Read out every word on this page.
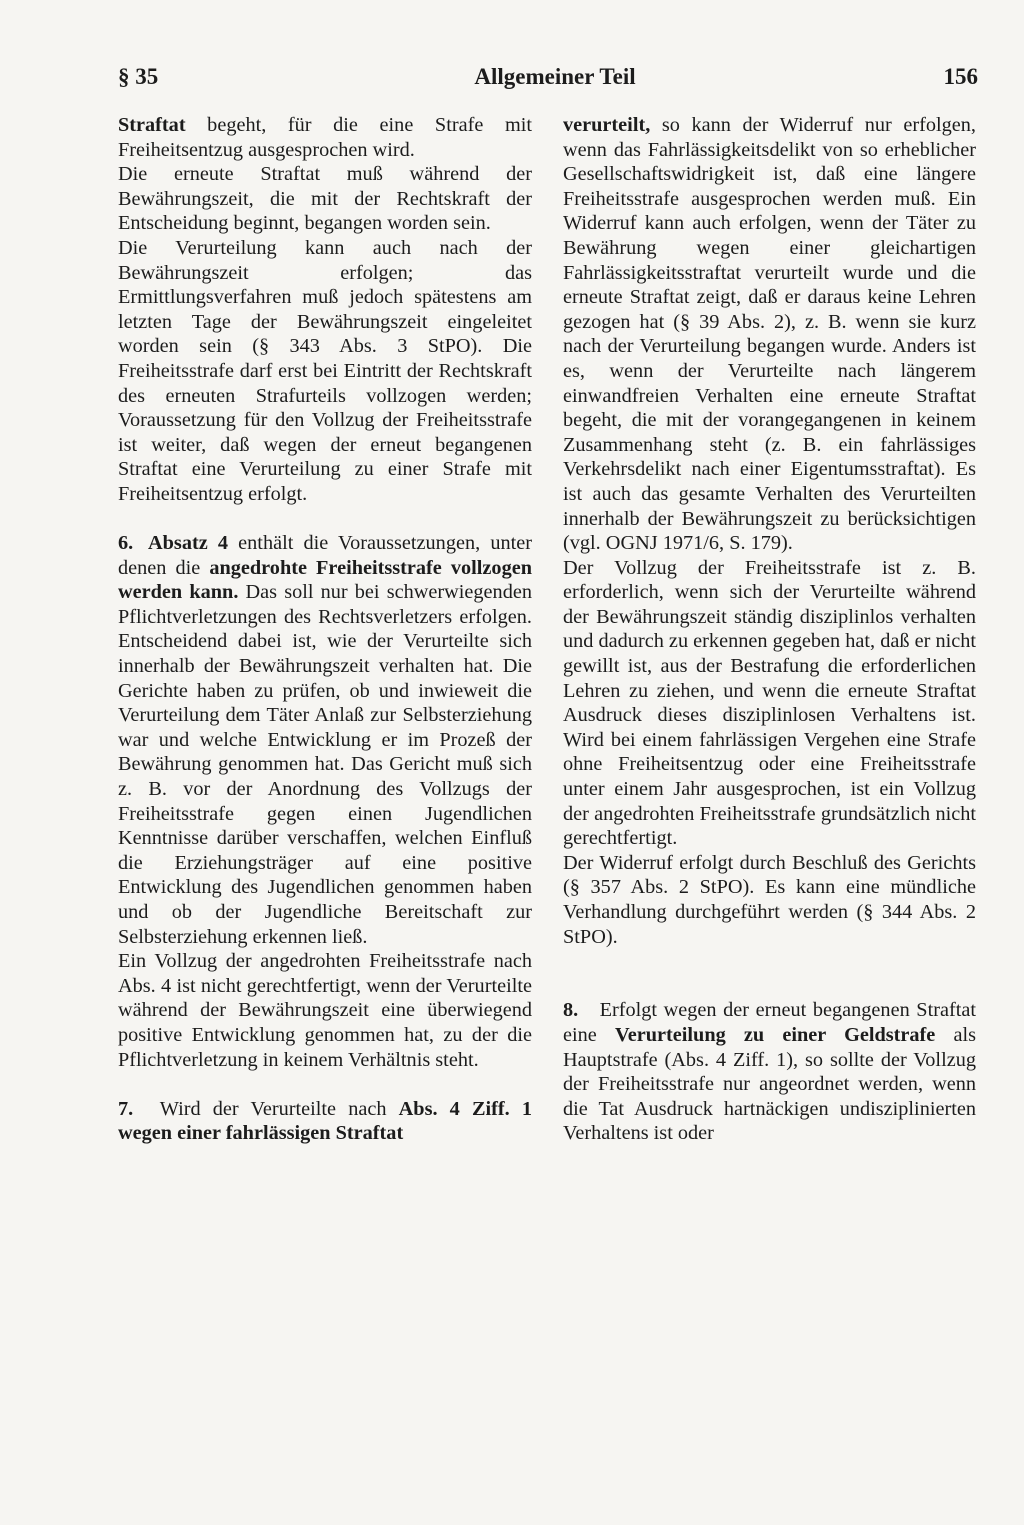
§ 35	Allgemeiner Teil	156

Straftat begeht, für die eine Strafe mit Freiheitsentzug ausgesprochen wird.

Die erneute Straftat muß während der Bewährungszeit, die mit der Rechtskraft der Entscheidung beginnt, begangen worden sein.

Die Verurteilung kann auch nach der Bewährungszeit erfolgen; das Ermittlungsverfahren muß jedoch spätestens am letzten Tage der Bewährungszeit eingeleitet worden sein (§ 343 Abs. 3 StPO). Die Freiheitsstrafe darf erst bei Eintritt der Rechtskraft des erneuten Strafurteils vollzogen werden; Voraussetzung für den Vollzug der Freiheitsstrafe ist weiter, daß wegen der erneut begangenen Straftat eine Verurteilung zu einer Strafe mit Freiheitsentzug erfolgt.

6. Absatz 4 enthält die Voraussetzungen, unter denen die angedrohte Freiheitsstrafe vollzogen werden kann. Das soll nur bei schwerwiegenden Pflichtverletzungen des Rechtsverletzers erfolgen. Entscheidend dabei ist, wie der Verurteilte sich innerhalb der Bewährungszeit verhalten hat. Die Gerichte haben zu prüfen, ob und inwieweit die Verurteilung dem Täter Anlaß zur Selbsterziehung war und welche Entwicklung er im Prozeß der Bewährung genommen hat. Das Gericht muß sich z. B. vor der Anordnung des Vollzugs der Freiheitsstrafe gegen einen Jugendlichen Kenntnisse darüber verschaffen, welchen Einfluß die Erziehungsträger auf eine positive Entwicklung des Jugendlichen genommen haben und ob der Jugendliche Bereitschaft zur Selbsterziehung erkennen ließ.

Ein Vollzug der angedrohten Freiheitsstrafe nach Abs. 4 ist nicht gerechtfertigt, wenn der Verurteilte während der Bewährungszeit eine überwiegend positive Entwicklung genommen hat, zu der die Pflichtverletzung in keinem Verhältnis steht.

7. Wird der Verurteilte nach Abs. 4 Ziff. 1 wegen einer fahrlässigen Straftat

verurteilt, so kann der Widerruf nur erfolgen, wenn das Fahrlässigkeitsdelikt von so erheblicher Gesellschaftswidrigkeit ist, daß eine längere Freiheitsstrafe ausgesprochen werden muß. Ein Widerruf kann auch erfolgen, wenn der Täter zu Bewährung wegen einer gleichartigen Fahrlässigkeitsstraftat verurteilt wurde und die erneute Straftat zeigt, daß er daraus keine Lehren gezogen hat (§ 39 Abs. 2), z. B. wenn sie kurz nach der Verurteilung begangen wurde. Anders ist es, wenn der Verurteilte nach längerem einwandfreien Verhalten eine erneute Straftat begeht, die mit der vorangegangenen in keinem Zusammenhang steht (z. B. ein fahrlässiges Verkehrsdelikt nach einer Eigentumsstraftat). Es ist auch das gesamte Verhalten des Verurteilten innerhalb der Bewährungszeit zu berücksichtigen (vgl. OGNJ 1971/6, S. 179).

Der Vollzug der Freiheitsstrafe ist z. B. erforderlich, wenn sich der Verurteilte während der Bewährungszeit ständig disziplinlos verhalten und dadurch zu erkennen gegeben hat, daß er nicht gewillt ist, aus der Bestrafung die erforderlichen Lehren zu ziehen, und wenn die erneute Straftat Ausdruck dieses disziplinlosen Verhaltens ist. Wird bei einem fahrlässigen Vergehen eine Strafe ohne Freiheitsentzug oder eine Freiheitsstrafe unter einem Jahr ausgesprochen, ist ein Vollzug der angedrohten Freiheitsstrafe grundsätzlich nicht gerechtfertigt.

Der Widerruf erfolgt durch Beschluß des Gerichts (§ 357 Abs. 2 StPO). Es kann eine mündliche Verhandlung durchgeführt werden (§ 344 Abs. 2 StPO).

8. Erfolgt wegen der erneut begangenen Straftat eine Verurteilung zu einer Geldstrafe als Hauptstrafe (Abs. 4 Ziff. 1), so sollte der Vollzug der Freiheitsstrafe nur angeordnet werden, wenn die Tat Ausdruck hartnäckigen undisziplinierten Verhaltens ist oder
